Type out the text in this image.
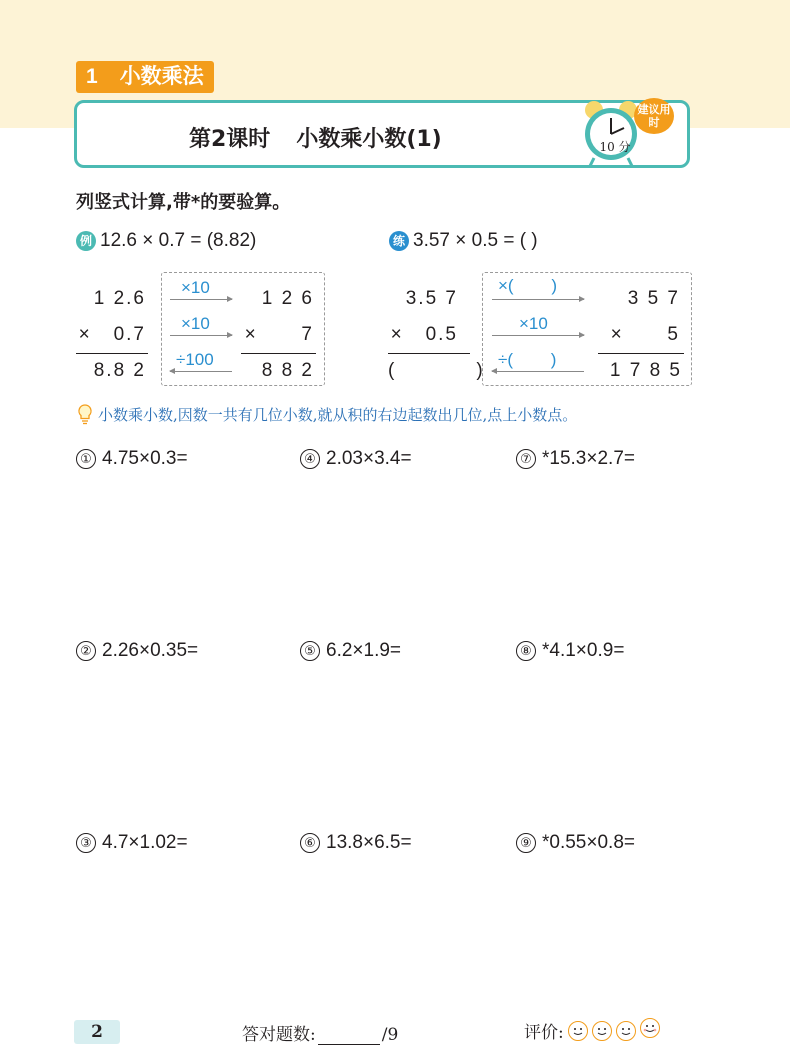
1 小数乘法
第2课时 小数乘小数(1)
建议用时
10 分
列竖式计算,带*的要验算。
例 12.6 × 0.7 = (8.82)
1 2.6
×   0.7
8.8 2
×10
×10
÷100
1 2 6
×      7
8 8 2
练 3.57 × 0.5 = ( )
3.5 7
×   0.5
(           )
×(        )
×10
÷(        )
3 5 7
×      5
1 7 8 5
小数乘小数,因数一共有几位小数,就从积的右边起数出几位,点上小数点。
① 4.75×0.3=	④ 2.03×3.4=	⑦ *15.3×2.7=
② 2.26×0.35=	⑤ 6.2×1.9=	⑧ *4.1×0.9=
③ 4.7×1.02=	⑥ 13.8×6.5=	⑨ *0.55×0.8=
2	答对题数:	/9	评价:
